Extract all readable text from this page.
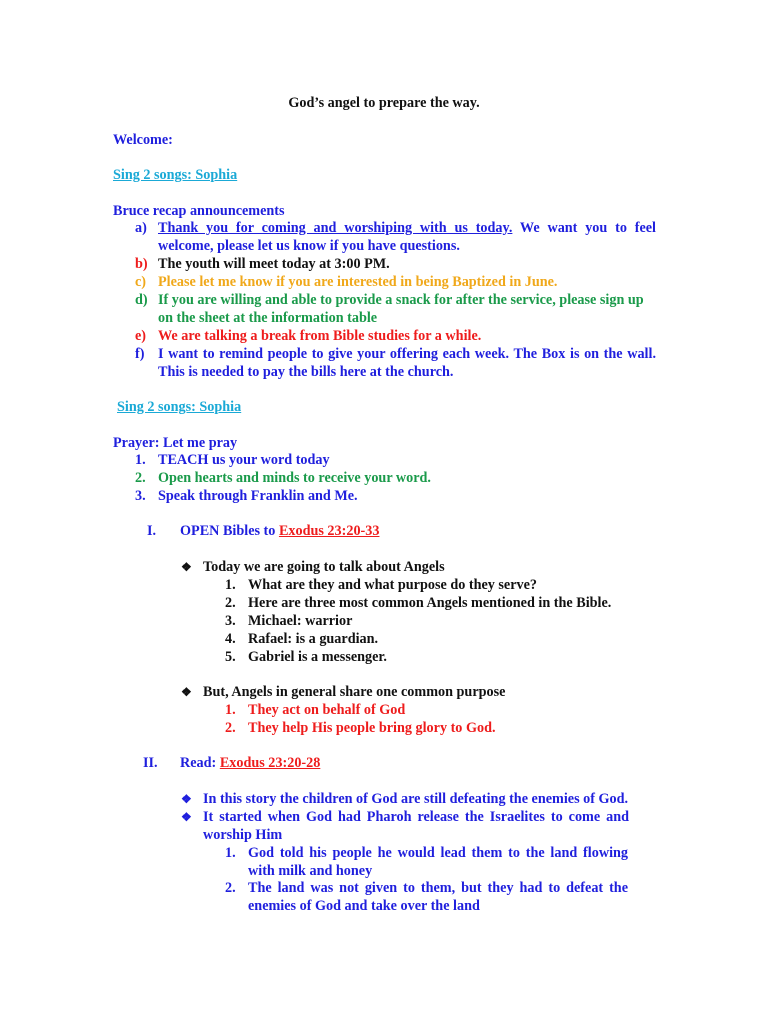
God’s angel to prepare the way.
Welcome:
Sing 2 songs: Sophia
Bruce recap announcements
a) Thank you for coming and worshiping with us today. We want you to feel welcome, please let us know if you have questions.
b) The youth will meet today at 3:00 PM.
c) Please let me know if you are interested in being Baptized in June.
d) If you are willing and able to provide a snack for after the service, please sign up on the sheet at the information table
e) We are talking a break from Bible studies for a while.
f) I want to remind people to give your offering each week. The Box is on the wall. This is needed to pay the bills here at the church.
Sing 2 songs: Sophia
Prayer: Let me pray
1. TEACH us your word today
2. Open hearts and minds to receive your word.
3. Speak through Franklin and Me.
I. OPEN Bibles to Exodus 23:20-33
❖ Today we are going to talk about Angels
1. What are they and what purpose do they serve?
2. Here are three most common Angels mentioned in the Bible.
3. Michael: warrior
4. Rafael: is a guardian.
5. Gabriel is a messenger.
❖ But, Angels in general share one common purpose
1. They act on behalf of God
2. They help His people bring glory to God.
II. Read: Exodus 23:20-28
❖ In this story the children of God are still defeating the enemies of God.
❖ It started when God had Pharoh release the Israelites to come and worship Him
1. God told his people he would lead them to the land flowing with milk and honey
2. The land was not given to them, but they had to defeat the enemies of God and take over the land
